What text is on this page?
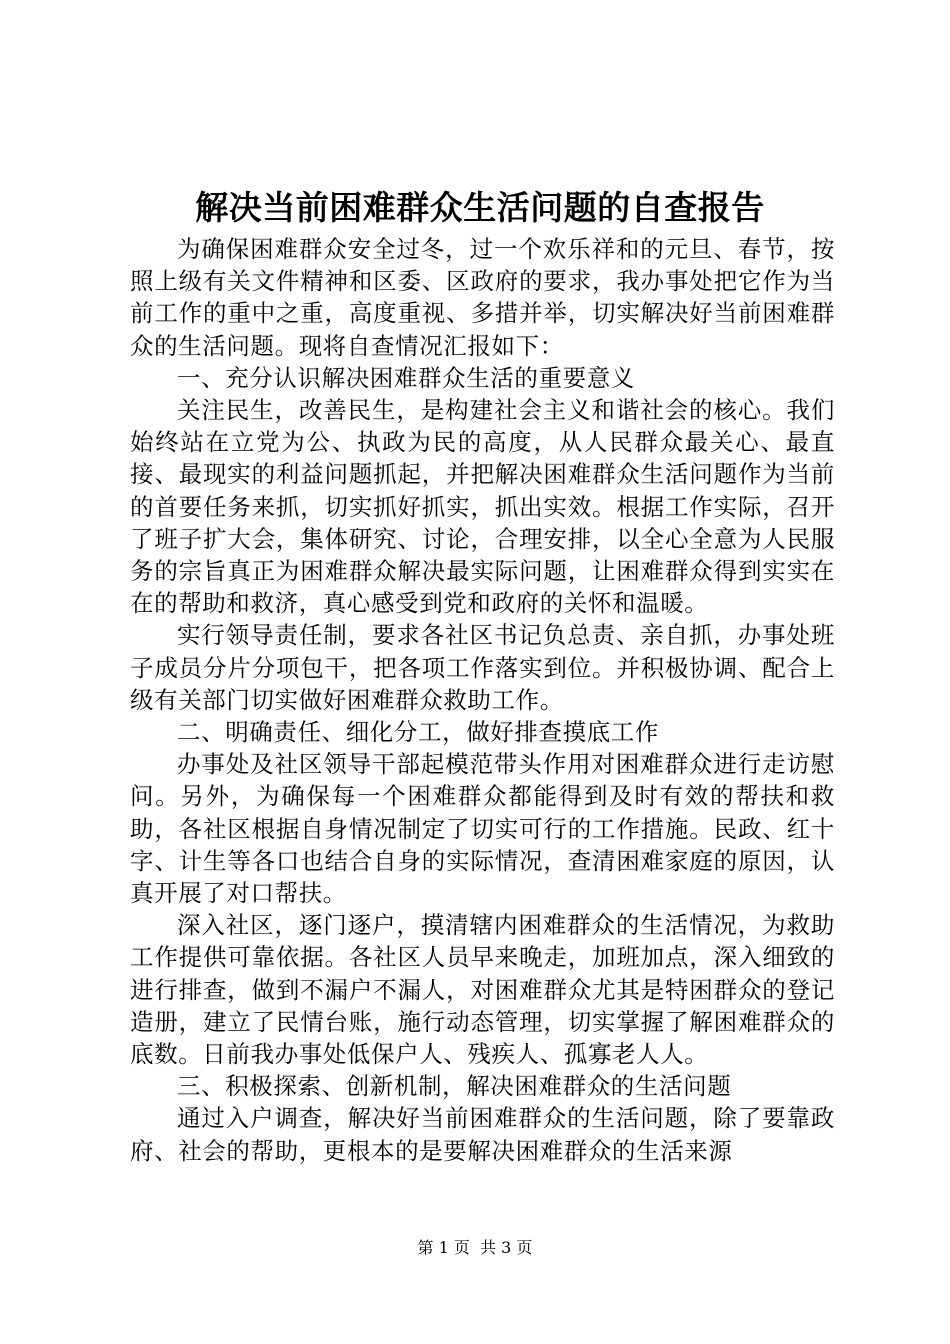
解决当前困难群众生活问题的自查报告

为确保困难群众安全过冬，过一个欢乐祥和的元旦、春节，按照上级有关文件精神和区委、区政府的要求，我办事处把它作为当前工作的重中之重，高度重视、多措并举，切实解决好当前困难群众的生活问题。现将自查情况汇报如下：

一、充分认识解决困难群众生活的重要意义

关注民生，改善民生，是构建社会主义和谐社会的核心。我们始终站在立党为公、执政为民的高度，从人民群众最关心、最直接、最现实的利益问题抓起，并把解决困难群众生活问题作为当前的首要任务来抓，切实抓好抓实，抓出实效。根据工作实际，召开了班子扩大会，集体研究、讨论，合理安排，以全心全意为人民服务的宗旨真正为困难群众解决最实际问题，让困难群众得到实实在在的帮助和救济，真心感受到党和政府的关怀和温暖。

实行领导责任制，要求各社区书记负总责、亲自抓，办事处班子成员分片分项包干，把各项工作落实到位。并积极协调、配合上级有关部门切实做好困难群众救助工作。

二、明确责任、细化分工，做好排查摸底工作

办事处及社区领导干部起模范带头作用对困难群众进行走访慰问。另外，为确保每一个困难群众都能得到及时有效的帮扶和救助，各社区根据自身情况制定了切实可行的工作措施。民政、红十字、计生等各口也结合自身的实际情况，查清困难家庭的原因，认真开展了对口帮扶。

深入社区，逐门逐户，摸清辖内困难群众的生活情况，为救助工作提供可靠依据。各社区人员早来晚走，加班加点，深入细致的进行排查，做到不漏户不漏人，对困难群众尤其是特困群众的登记造册，建立了民情台账，施行动态管理，切实掌握了解困难群众的底数。日前我办事处低保户人、残疾人、孤寡老人人。

三、积极探索、创新机制，解决困难群众的生活问题

通过入户调查，解决好当前困难群众的生活问题，除了要靠政府、社会的帮助，更根本的是要解决困难群众的生活来源

第 1 页  共 3 页
